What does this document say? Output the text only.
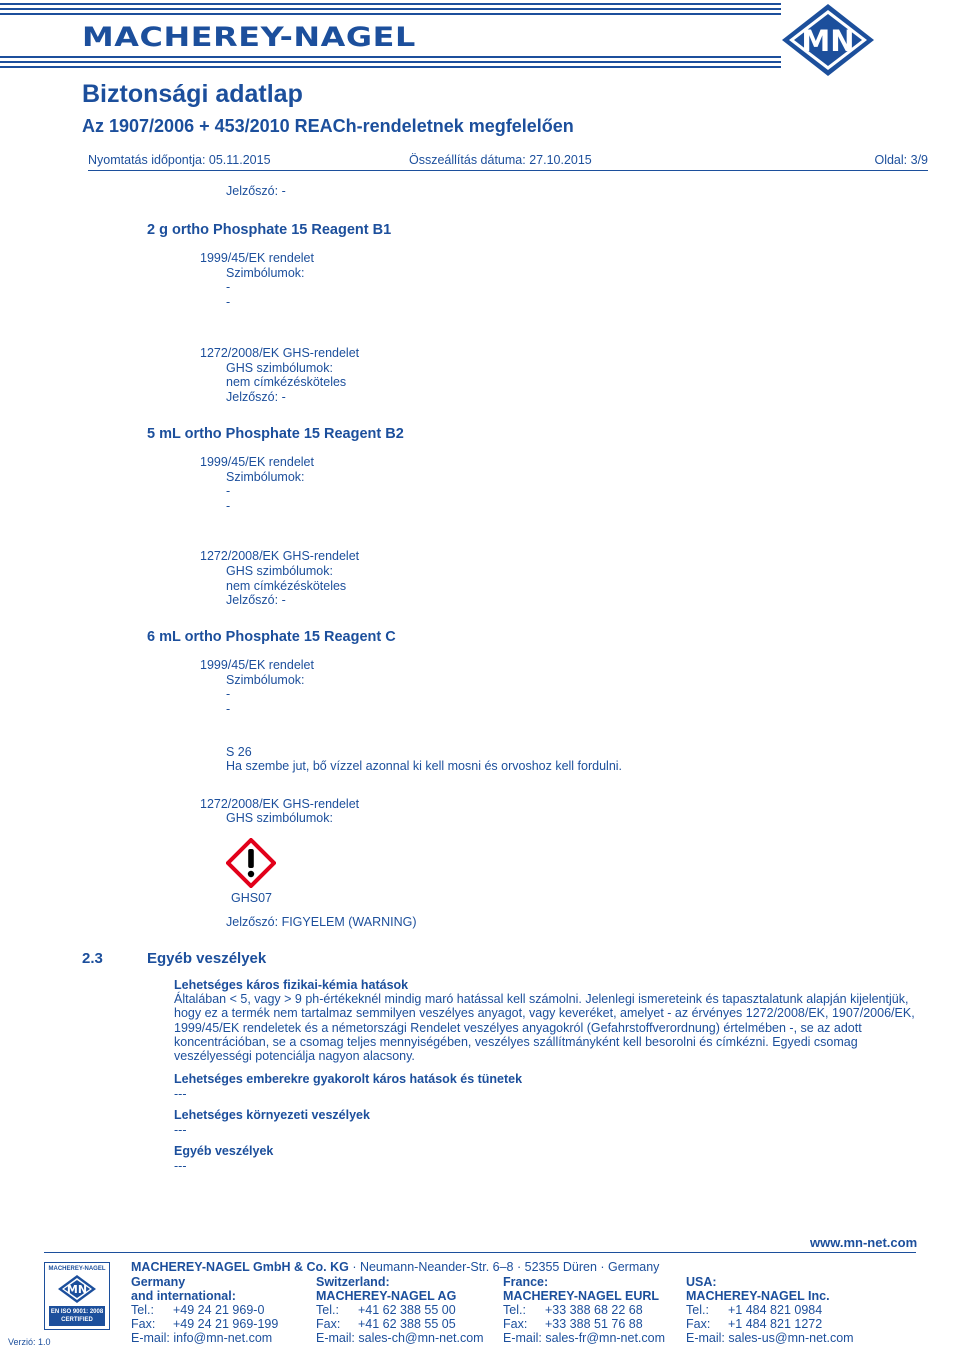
MACHEREY-NAGEL	MN
Biztonsági adatlap
Az 1907/2006 + 453/2010 REACh-rendeletnek megfelelően
Nyomtatás időpontja: 05.11.2015	Összeállítás dátuma: 27.10.2015	Oldal: 3/9
Jelzőszó: -
2 g ortho Phosphate 15 Reagent B1
1999/45/EK rendelet
Szimbólumok:
-
-
1272/2008/EK GHS-rendelet
GHS szimbólumok:
nem címkézésköteles
Jelzőszó: -
5 mL ortho Phosphate 15 Reagent B2
1999/45/EK rendelet
Szimbólumok:
-
-
1272/2008/EK GHS-rendelet
GHS szimbólumok:
nem címkézésköteles
Jelzőszó: -
6 mL ortho Phosphate 15 Reagent C
1999/45/EK rendelet
Szimbólumok:
-
-
S 26
Ha szembe jut, bő vízzel azonnal ki kell mosni és orvoshoz kell fordulni.
1272/2008/EK GHS-rendelet
GHS szimbólumok:
GHS07
Jelzőszó: FIGYELEM (WARNING)
2.3	Egyéb veszélyek
Lehetséges káros fizikai-kémia hatások
Általában < 5, vagy > 9 ph-értékeknél mindig maró hatással kell számolni. Jelenlegi ismereteink és tapasztalatunk alapján kijelentjük, hogy ez a termék nem tartalmaz semmilyen veszélyes anyagot, vagy keveréket, amelyet - az érvényes 1272/2008/EK, 1907/2006/EK, 1999/45/EK rendeletek és a németországi Rendelet veszélyes anyagokról (Gefahrstoffverordnung) értelmében -, se az adott koncentrációban, se a csomag teljes mennyiségében, veszélyes szállítmányként kell besorolni és címkézni. Egyedi csomag veszélyességi potenciálja nagyon alacsony.
Lehetséges emberekre gyakorolt káros hatások és tünetek
---
Lehetséges környezeti veszélyek
---
Egyéb veszélyek
---
www.mn-net.com
MACHEREY-NAGEL
MN
EN ISO 9001: 2008
CERTIFIED
Verzió: 1.0
MACHEREY-NAGEL GmbH & Co. KG · Neumann-Neander-Str. 6–8 · 52355 Düren · Germany
Germany
and international:
Tel.: +49 24 21 969-0
Fax: +49 24 21 969-199
E-mail: info@mn-net.com
Switzerland:
MACHEREY-NAGEL AG
Tel.: +41 62 388 55 00
Fax: +41 62 388 55 05
E-mail: sales-ch@mn-net.com
France:
MACHEREY-NAGEL EURL
Tel.: +33 388 68 22 68
Fax: +33 388 51 76 88
E-mail: sales-fr@mn-net.com
USA:
MACHEREY-NAGEL Inc.
Tel.: +1 484 821 0984
Fax: +1 484 821 1272
E-mail: sales-us@mn-net.com
